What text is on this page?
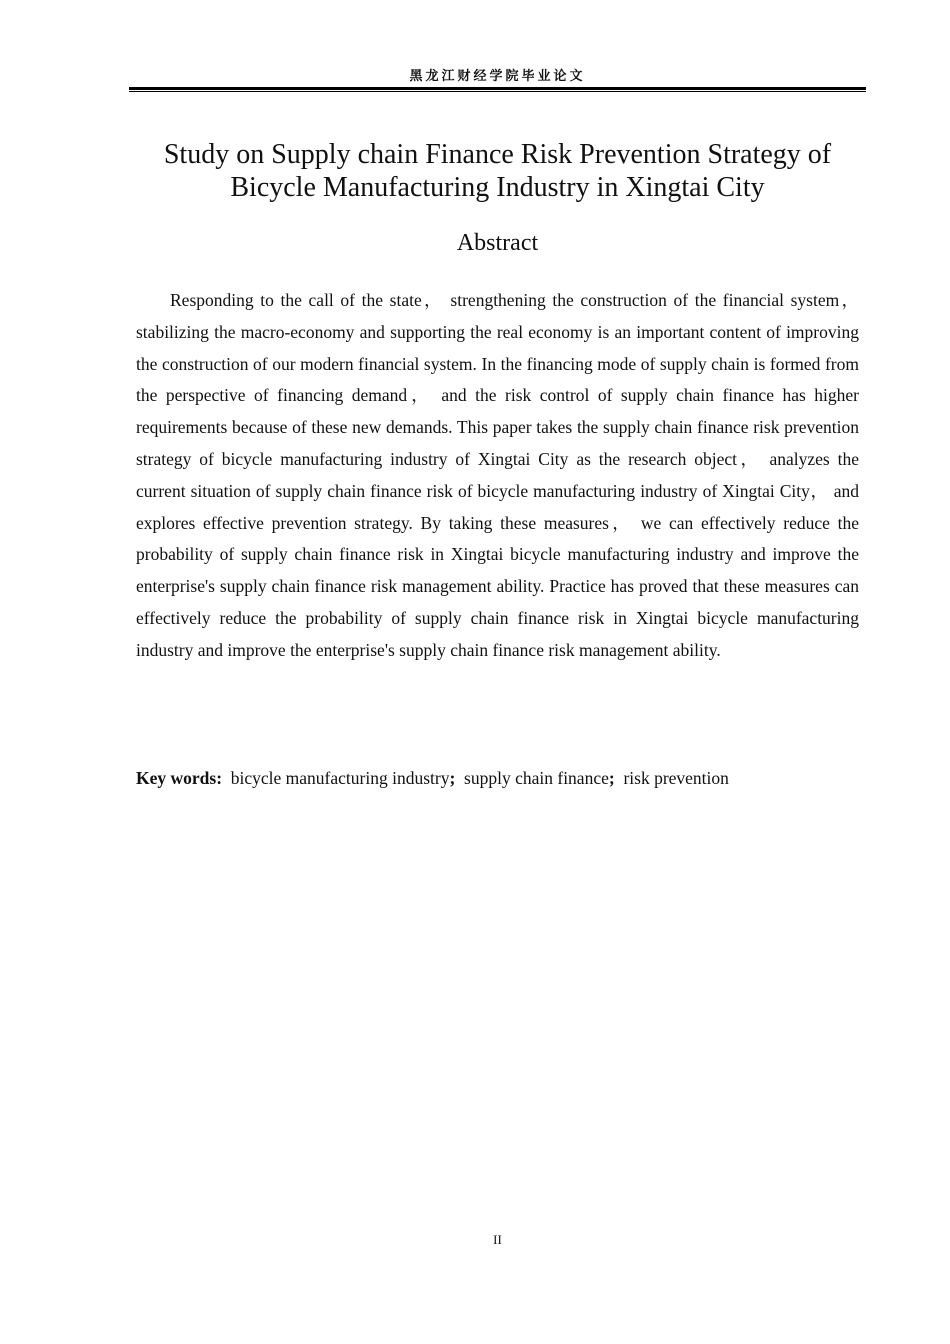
黑龙江财经学院毕业论文
Study on Supply chain Finance Risk Prevention Strategy of Bicycle Manufacturing Industry in Xingtai City
Abstract

Responding to the call of the state， strengthening the construction of the financial system， stabilizing the macro-economy and supporting the real economy is an important content of improving the construction of our modern financial system. In the financing mode of supply chain is formed from the perspective of financing demand， and the risk control of supply chain finance has higher requirements because of these new demands. This paper takes the supply chain finance risk prevention strategy of bicycle manufacturing industry of Xingtai City as the research object， analyzes the current situation of supply chain finance risk of bicycle manufacturing industry of Xingtai City， and explores effective prevention strategy. By taking these measures， we can effectively reduce the probability of supply chain finance risk in Xingtai bicycle manufacturing industry and improve the enterprise's supply chain finance risk management ability. Practice has proved that these measures can effectively reduce the probability of supply chain finance risk in Xingtai bicycle manufacturing industry and improve the enterprise's supply chain finance risk management ability.

Key words: bicycle manufacturing industry; supply chain finance; risk prevention
II
